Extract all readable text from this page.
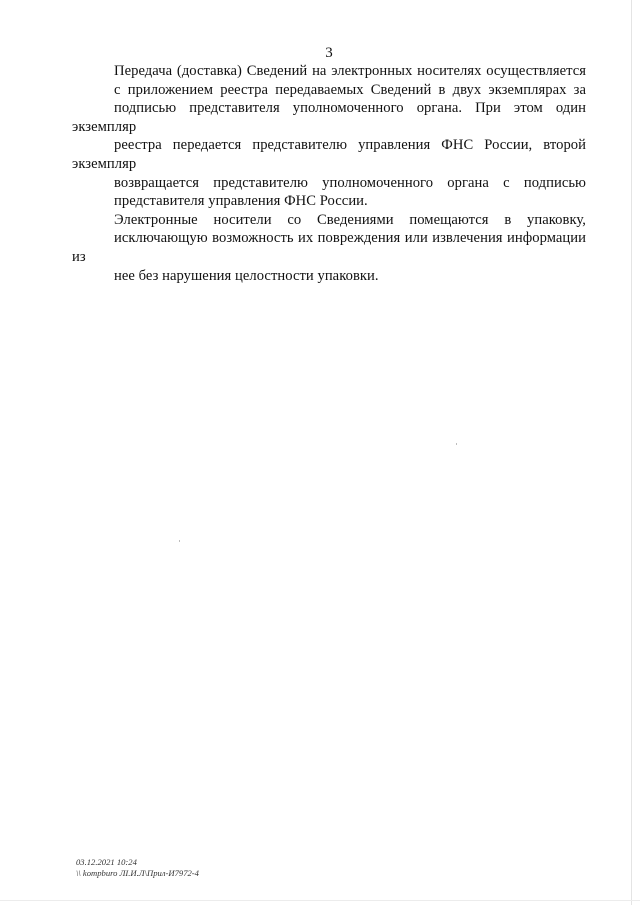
3

Передача (доставка) Сведений на электронных носителях осуществляется
с приложением реестра передаваемых Сведений в двух экземплярах за
подписью представителя уполномоченного органа. При этом один экземпляр
реестра передается представителю управления ФНС России, второй экземпляр
возвращается представителю уполномоченного органа с подписью
представителя управления ФНС России.

Электронные носители со Сведениями помещаются в упаковку,
исключающую возможность их повреждения или извлечения информации из
нее без нарушения целостности упаковки.

03.12.2021 10:24
\\ kompburo ЛI.И.Л\Прил-И7972-4
